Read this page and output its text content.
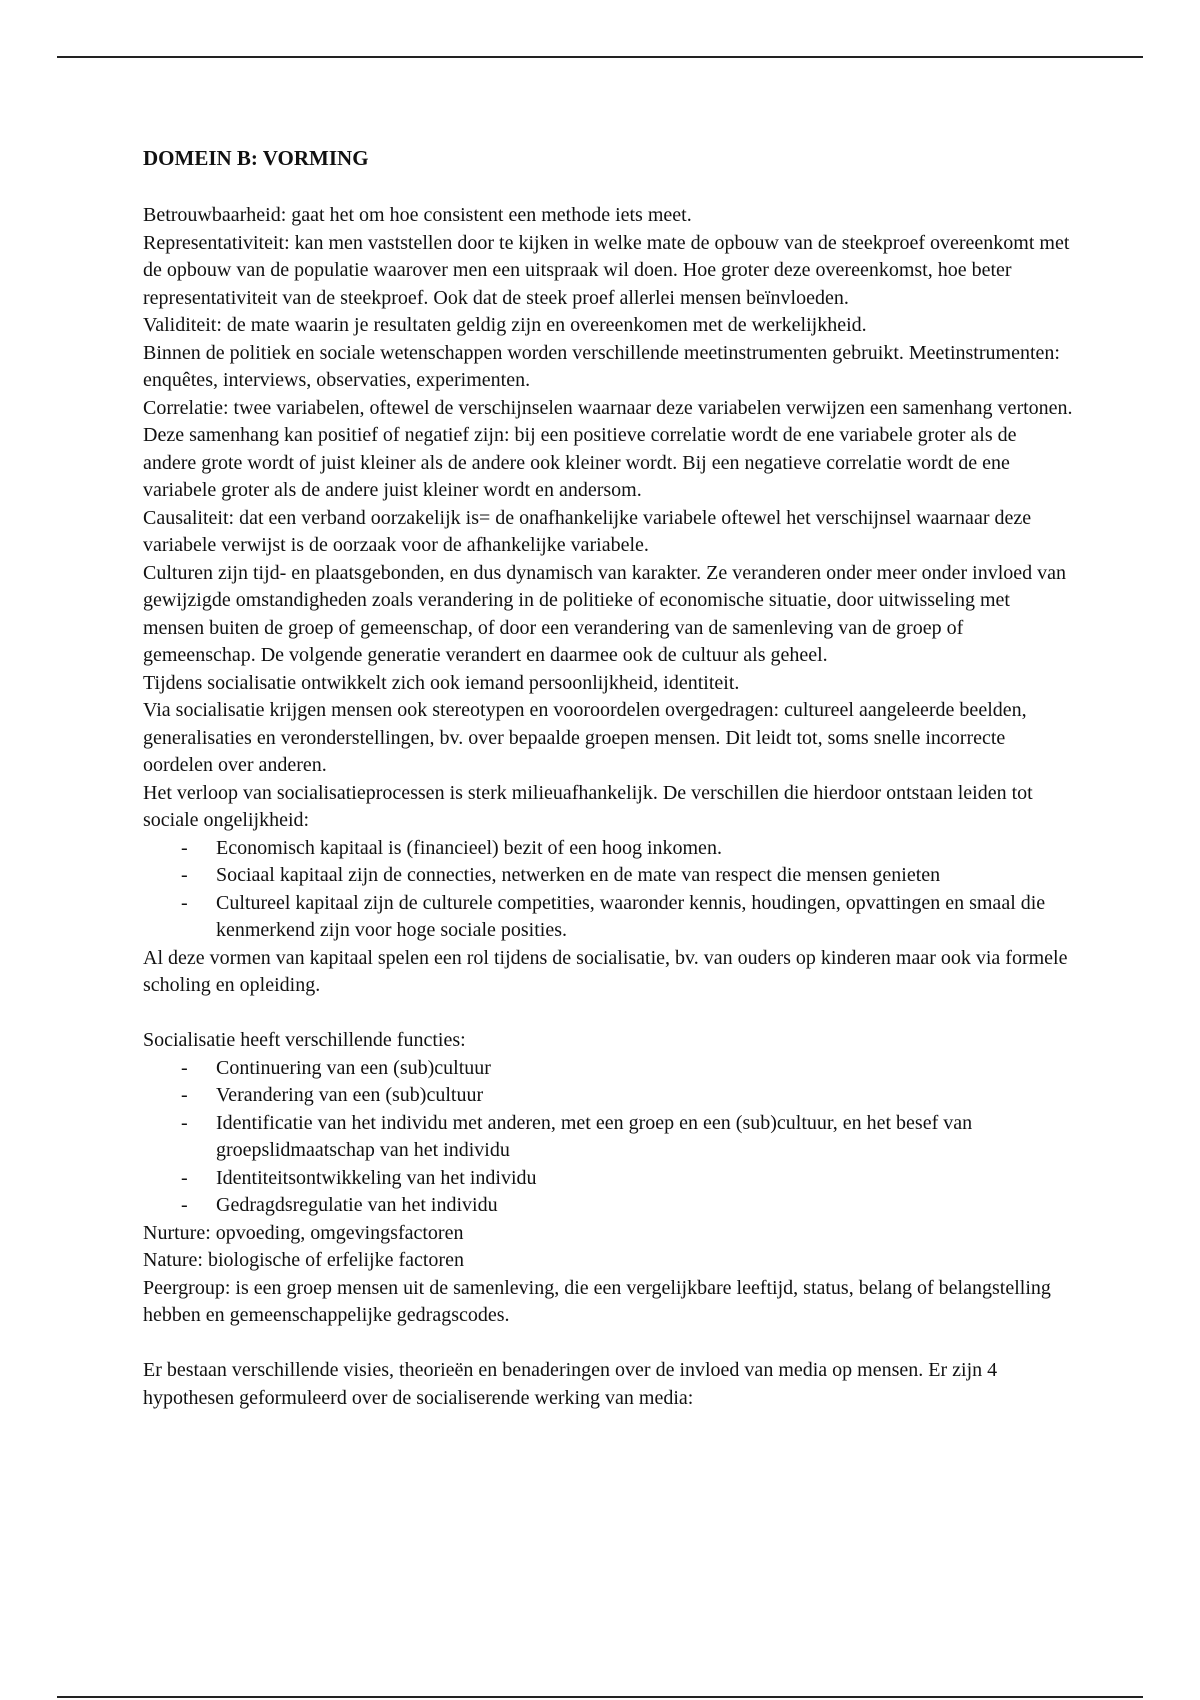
DOMEIN B: VORMING

Betrouwbaarheid: gaat het om hoe consistent een methode iets meet.

Representativiteit: kan men vaststellen door te kijken in welke mate de opbouw van de steekproef overeenkomt met de opbouw van de populatie waarover men een uitspraak wil doen. Hoe groter deze overeenkomst, hoe beter representativiteit van de steekproef. Ook dat de steek proef allerlei mensen beïnvloeden.

Validiteit: de mate waarin je resultaten geldig zijn en overeenkomen met de werkelijkheid.

Binnen de politiek en sociale wetenschappen worden verschillende meetinstrumenten gebruikt. Meetinstrumenten: enquêtes, interviews, observaties, experimenten.

Correlatie: twee variabelen, oftewel de verschijnselen waarnaar deze variabelen verwijzen een samenhang vertonen. Deze samenhang kan positief of negatief zijn: bij een positieve correlatie wordt de ene variabele groter als de andere grote wordt of juist kleiner als de andere ook kleiner wordt. Bij een negatieve correlatie wordt de ene variabele groter als de andere juist kleiner wordt en andersom.

Causaliteit: dat een verband oorzakelijk is= de onafhankelijke variabele oftewel het verschijnsel waarnaar deze variabele verwijst is de oorzaak voor de afhankelijke variabele.

Culturen zijn tijd- en plaatsgebonden, en dus dynamisch van karakter. Ze veranderen onder meer onder invloed van gewijzigde omstandigheden zoals verandering in de politieke of economische situatie, door uitwisseling met mensen buiten de groep of gemeenschap, of door een verandering van de samenleving van de groep of gemeenschap. De volgende generatie verandert en daarmee ook de cultuur als geheel.

Tijdens socialisatie ontwikkelt zich ook iemand persoonlijkheid, identiteit.

Via socialisatie krijgen mensen ook stereotypen en vooroordelen overgedragen: cultureel aangeleerde beelden, generalisaties en veronderstellingen, bv. over bepaalde groepen mensen. Dit leidt tot, soms snelle incorrecte oordelen over anderen.

Het verloop van socialisatieprocessen is sterk milieuafhankelijk. De verschillen die hierdoor ontstaan leiden tot sociale ongelijkheid:

- Economisch kapitaal is (financieel) bezit of een hoog inkomen.
- Sociaal kapitaal zijn de connecties, netwerken en de mate van respect die mensen genieten
- Cultureel kapitaal zijn de culturele competities, waaronder kennis, houdingen, opvattingen en smaal die kenmerkend zijn voor hoge sociale posities.

Al deze vormen van kapitaal spelen een rol tijdens de socialisatie, bv. van ouders op kinderen maar ook via formele scholing en opleiding.

Socialisatie heeft verschillende functies:

- Continuering van een (sub)cultuur
- Verandering van een (sub)cultuur
- Identificatie van het individu met anderen, met een groep en een (sub)cultuur, en het besef van groepslidmaatschap van het individu
- Identiteitsontwikkeling van het individu
- Gedragdsregulatie van het individu

Nurture: opvoeding, omgevingsfactoren

Nature: biologische of erfelijke factoren

Peergroup: is een groep mensen uit de samenleving, die een vergelijkbare leeftijd, status, belang of belangstelling hebben en gemeenschappelijke gedragscodes.

Er bestaan verschillende visies, theorieën en benaderingen over de invloed van media op mensen. Er zijn 4 hypothesen geformuleerd over de socialiserende werking van media:
